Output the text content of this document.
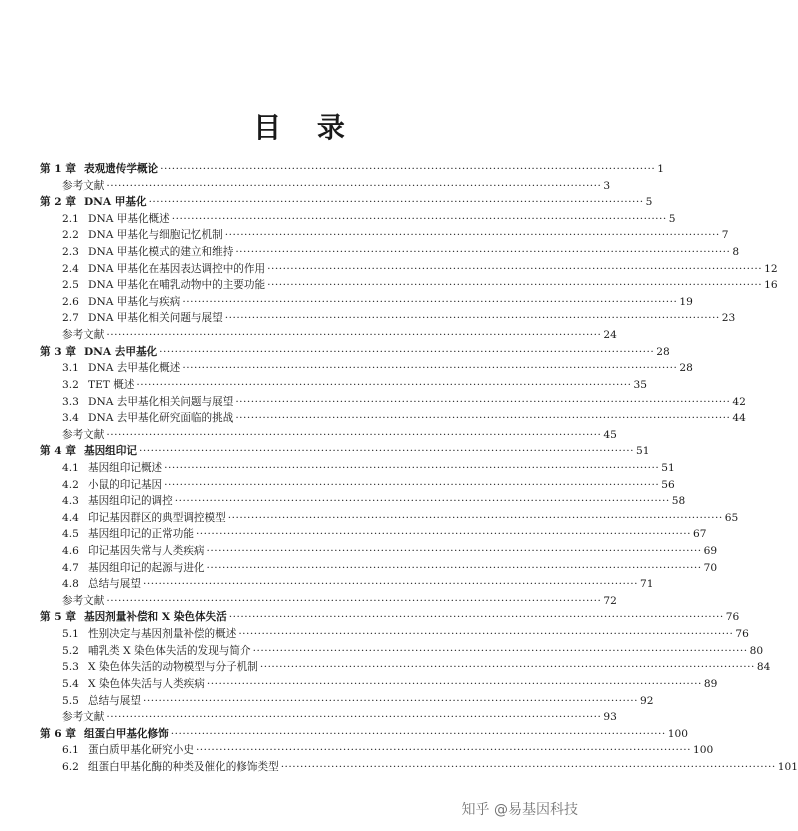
目 录
第 1 章 表观遗传学概论 ································································································································ 1
参考文献 ································································································································ 3
第 2 章 DNA 甲基化 ································································································································ 5
2.1 DNA 甲基化概述 ································································································································ 5
2.2 DNA 甲基化与细胞记忆机制 ································································································································ 7
2.3 DNA 甲基化模式的建立和维持 ································································································································ 8
2.4 DNA 甲基化在基因表达调控中的作用 ································································································································ 12
2.5 DNA 甲基化在哺乳动物中的主要功能 ································································································································ 16
2.6 DNA 甲基化与疾病 ································································································································ 19
2.7 DNA 甲基化相关问题与展望 ································································································································ 23
参考文献 ································································································································ 24
第 3 章 DNA 去甲基化 ································································································································ 28
3.1 DNA 去甲基化概述 ································································································································ 28
3.2 TET 概述 ································································································································ 35
3.3 DNA 去甲基化相关问题与展望 ································································································································ 42
3.4 DNA 去甲基化研究面临的挑战 ································································································································ 44
参考文献 ································································································································ 45
第 4 章 基因组印记 ································································································································ 51
4.1 基因组印记概述 ································································································································ 51
4.2 小鼠的印记基因 ································································································································ 56
4.3 基因组印记的调控 ································································································································ 58
4.4 印记基因群区的典型调控模型 ································································································································ 65
4.5 基因组印记的正常功能 ································································································································ 67
4.6 印记基因失常与人类疾病 ································································································································ 69
4.7 基因组印记的起源与进化 ································································································································ 70
4.8 总结与展望 ································································································································ 71
参考文献 ································································································································ 72
第 5 章 基因剂量补偿和 X 染色体失活 ································································································································ 76
5.1 性别决定与基因剂量补偿的概述 ································································································································ 76
5.2 哺乳类 X 染色体失活的发现与简介 ································································································································ 80
5.3 X 染色体失活的动物模型与分子机制 ································································································································ 84
5.4 X 染色体失活与人类疾病 ································································································································ 89
5.5 总结与展望 ································································································································ 92
参考文献 ································································································································ 93
第 6 章 组蛋白甲基化修饰 ································································································································ 100
6.1 蛋白质甲基化研究小史 ································································································································ 100
6.2 组蛋白甲基化酶的种类及催化的修饰类型 ································································································································ 101
知乎 @易基因科技
